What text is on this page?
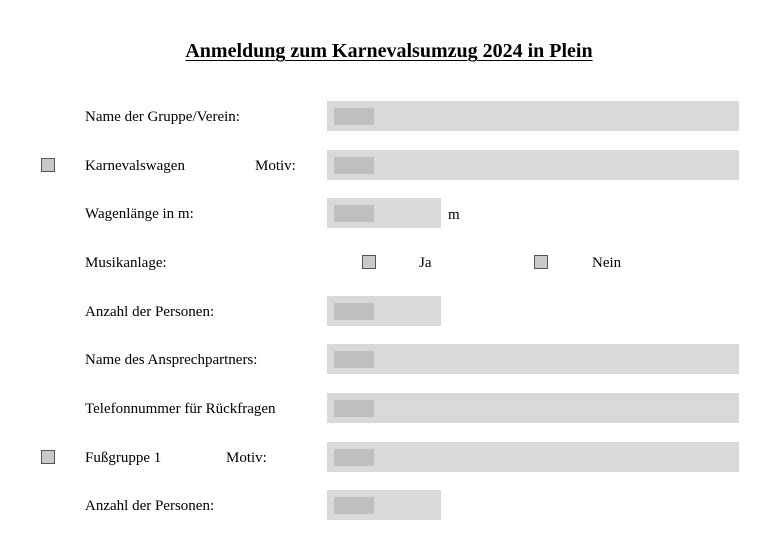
Anmeldung zum Karnevalsumzug 2024 in Plein
Name der Gruppe/Verein:
Karnevalswagen	Motiv:
Wagenlänge in m:	m
Musikanlage:	Ja	Nein
Anzahl der Personen:
Name des Ansprechpartners:
Telefonnummer für Rückfragen
Fußgruppe 1	Motiv:
Anzahl der Personen:
